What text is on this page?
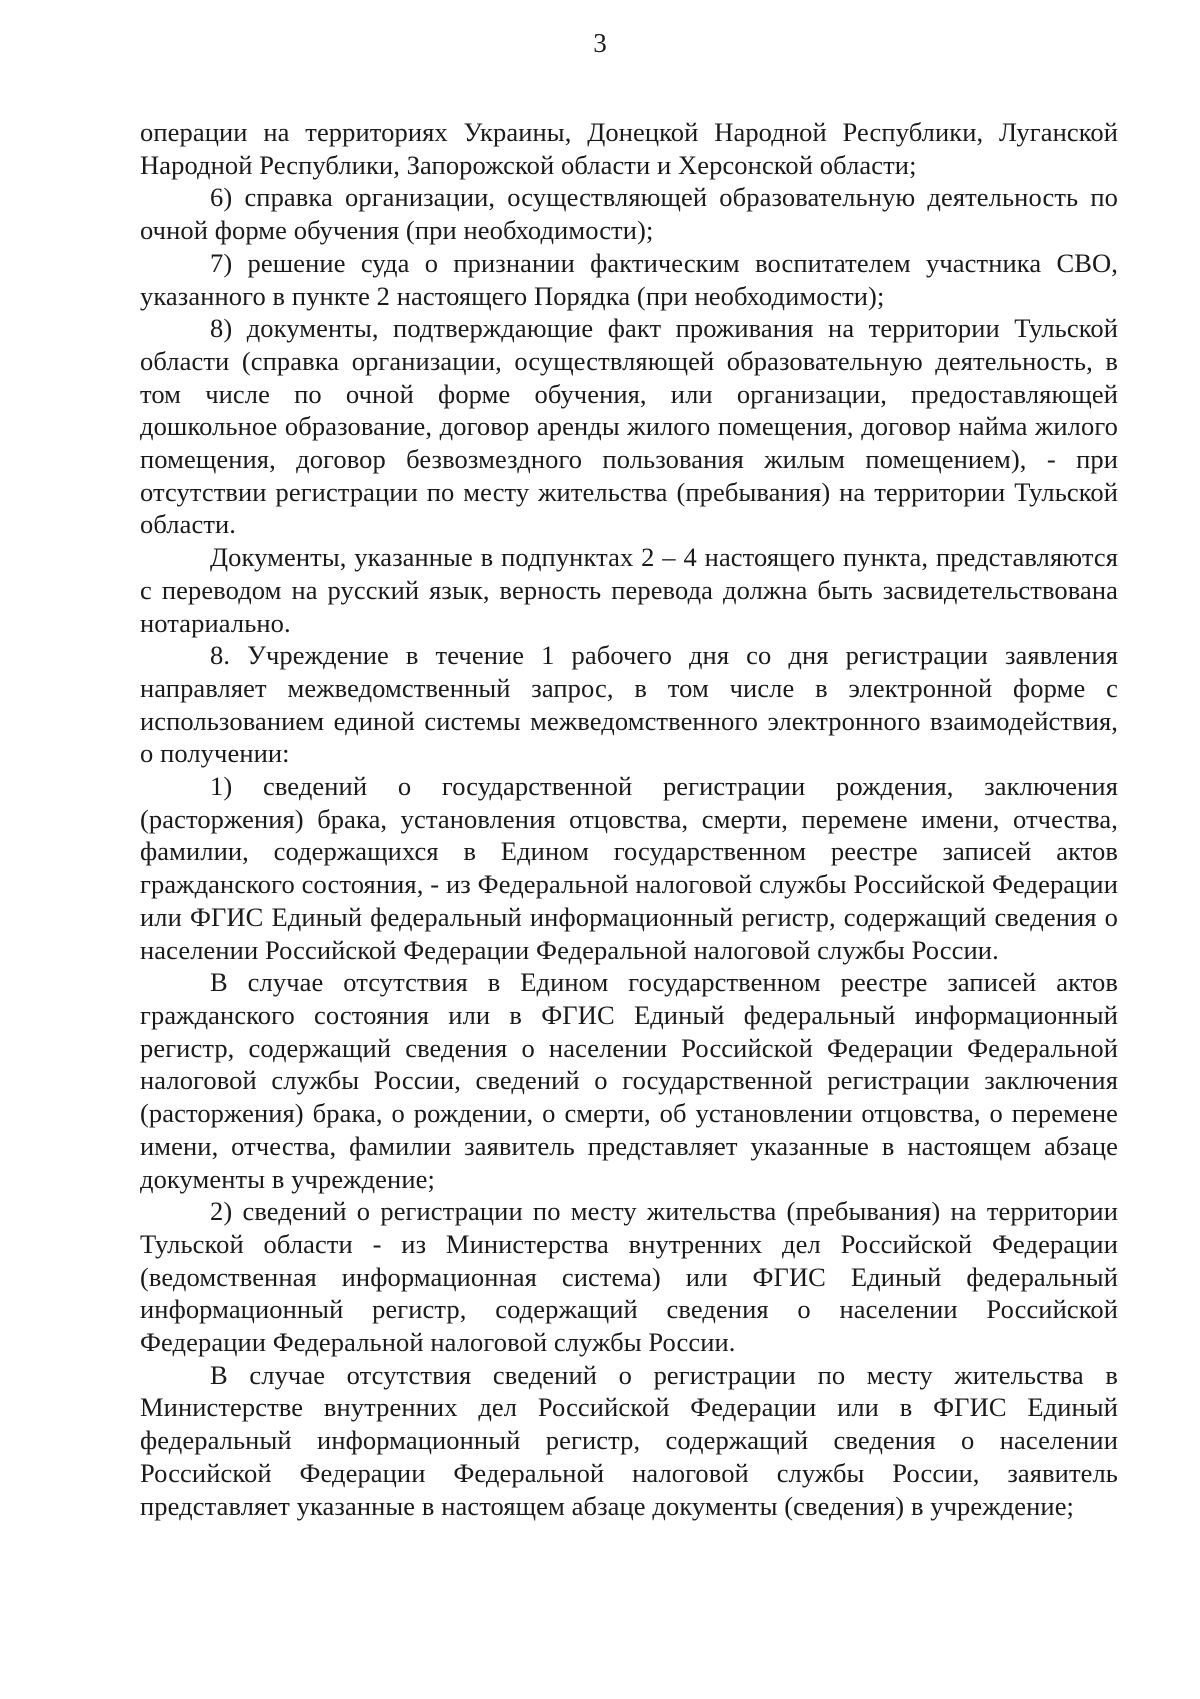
3

операции на территориях Украины, Донецкой Народной Республики, Луганской Народной Республики, Запорожской области и Херсонской области;

6) справка организации, осуществляющей образовательную деятельность по очной форме обучения (при необходимости);

7) решение суда о признании фактическим воспитателем участника СВО, указанного в пункте 2 настоящего Порядка (при необходимости);

8) документы, подтверждающие факт проживания на территории Тульской области (справка организации, осуществляющей образовательную деятельность, в том числе по очной форме обучения, или организации, предоставляющей дошкольное образование, договор аренды жилого помещения, договор найма жилого помещения, договор безвозмездного пользования жилым помещением), - при отсутствии регистрации по месту жительства (пребывания) на территории Тульской области.

Документы, указанные в подпунктах 2 – 4 настоящего пункта, представляются с переводом на русский язык, верность перевода должна быть засвидетельствована нотариально.

8. Учреждение в течение 1 рабочего дня со дня регистрации заявления направляет межведомственный запрос, в том числе в электронной форме с использованием единой системы межведомственного электронного взаимодействия, о получении:

1) сведений о государственной регистрации рождения, заключения (расторжения) брака, установления отцовства, смерти, перемене имени, отчества, фамилии, содержащихся в Едином государственном реестре записей актов гражданского состояния, - из Федеральной налоговой службы Российской Федерации или ФГИС Единый федеральный информационный регистр, содержащий сведения о населении Российской Федерации Федеральной налоговой службы России.

В случае отсутствия в Едином государственном реестре записей актов гражданского состояния или в ФГИС Единый федеральный информационный регистр, содержащий сведения о населении Российской Федерации Федеральной налоговой службы России, сведений о государственной регистрации заключения (расторжения) брака, о рождении, о смерти, об установлении отцовства, о перемене имени, отчества, фамилии заявитель представляет указанные в настоящем абзаце документы в учреждение;

2) сведений о регистрации по месту жительства (пребывания) на территории Тульской области - из Министерства внутренних дел Российской Федерации (ведомственная информационная система) или ФГИС Единый федеральный информационный регистр, содержащий сведения о населении Российской Федерации Федеральной налоговой службы России.

В случае отсутствия сведений о регистрации по месту жительства в Министерстве внутренних дел Российской Федерации или в ФГИС Единый федеральный информационный регистр, содержащий сведения о населении Российской Федерации Федеральной налоговой службы России, заявитель представляет указанные в настоящем абзаце документы (сведения) в учреждение;
